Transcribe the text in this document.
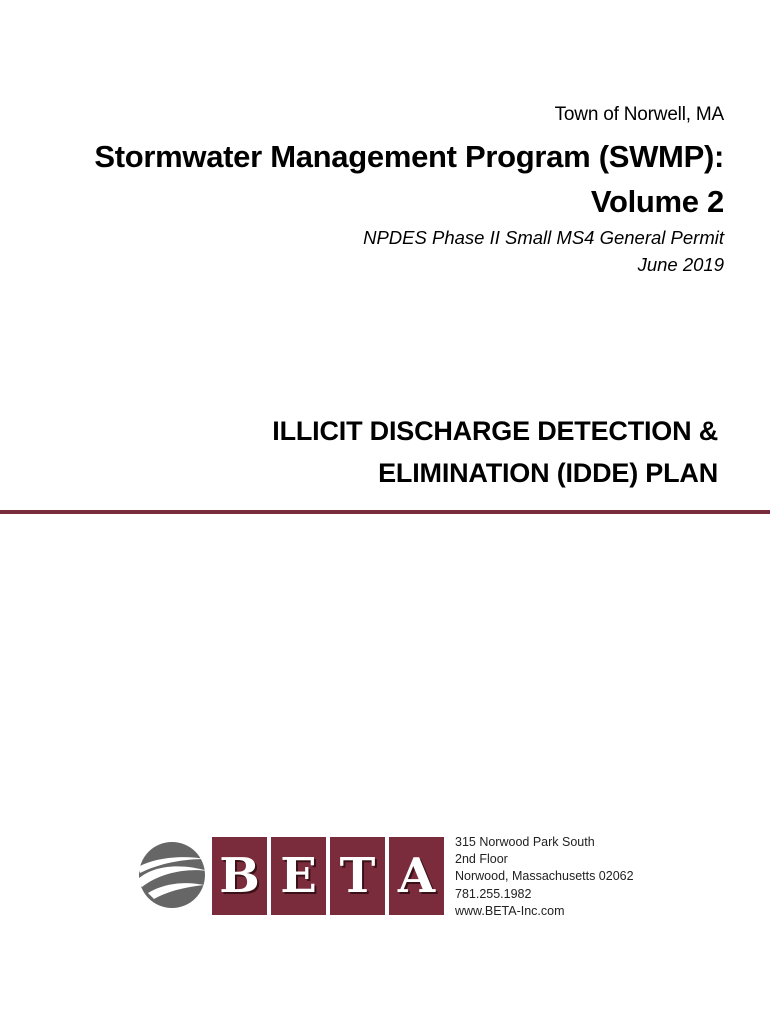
Town of Norwell, MA
Stormwater Management Program (SWMP):
Volume 2
NPDES Phase II Small MS4 General Permit
June 2019
ILLICIT DISCHARGE DETECTION &
ELIMINATION (IDDE) PLAN
B E T A
315 Norwood Park South
2nd Floor
Norwood, Massachusetts 02062
781.255.1982
www.BETA-Inc.com
